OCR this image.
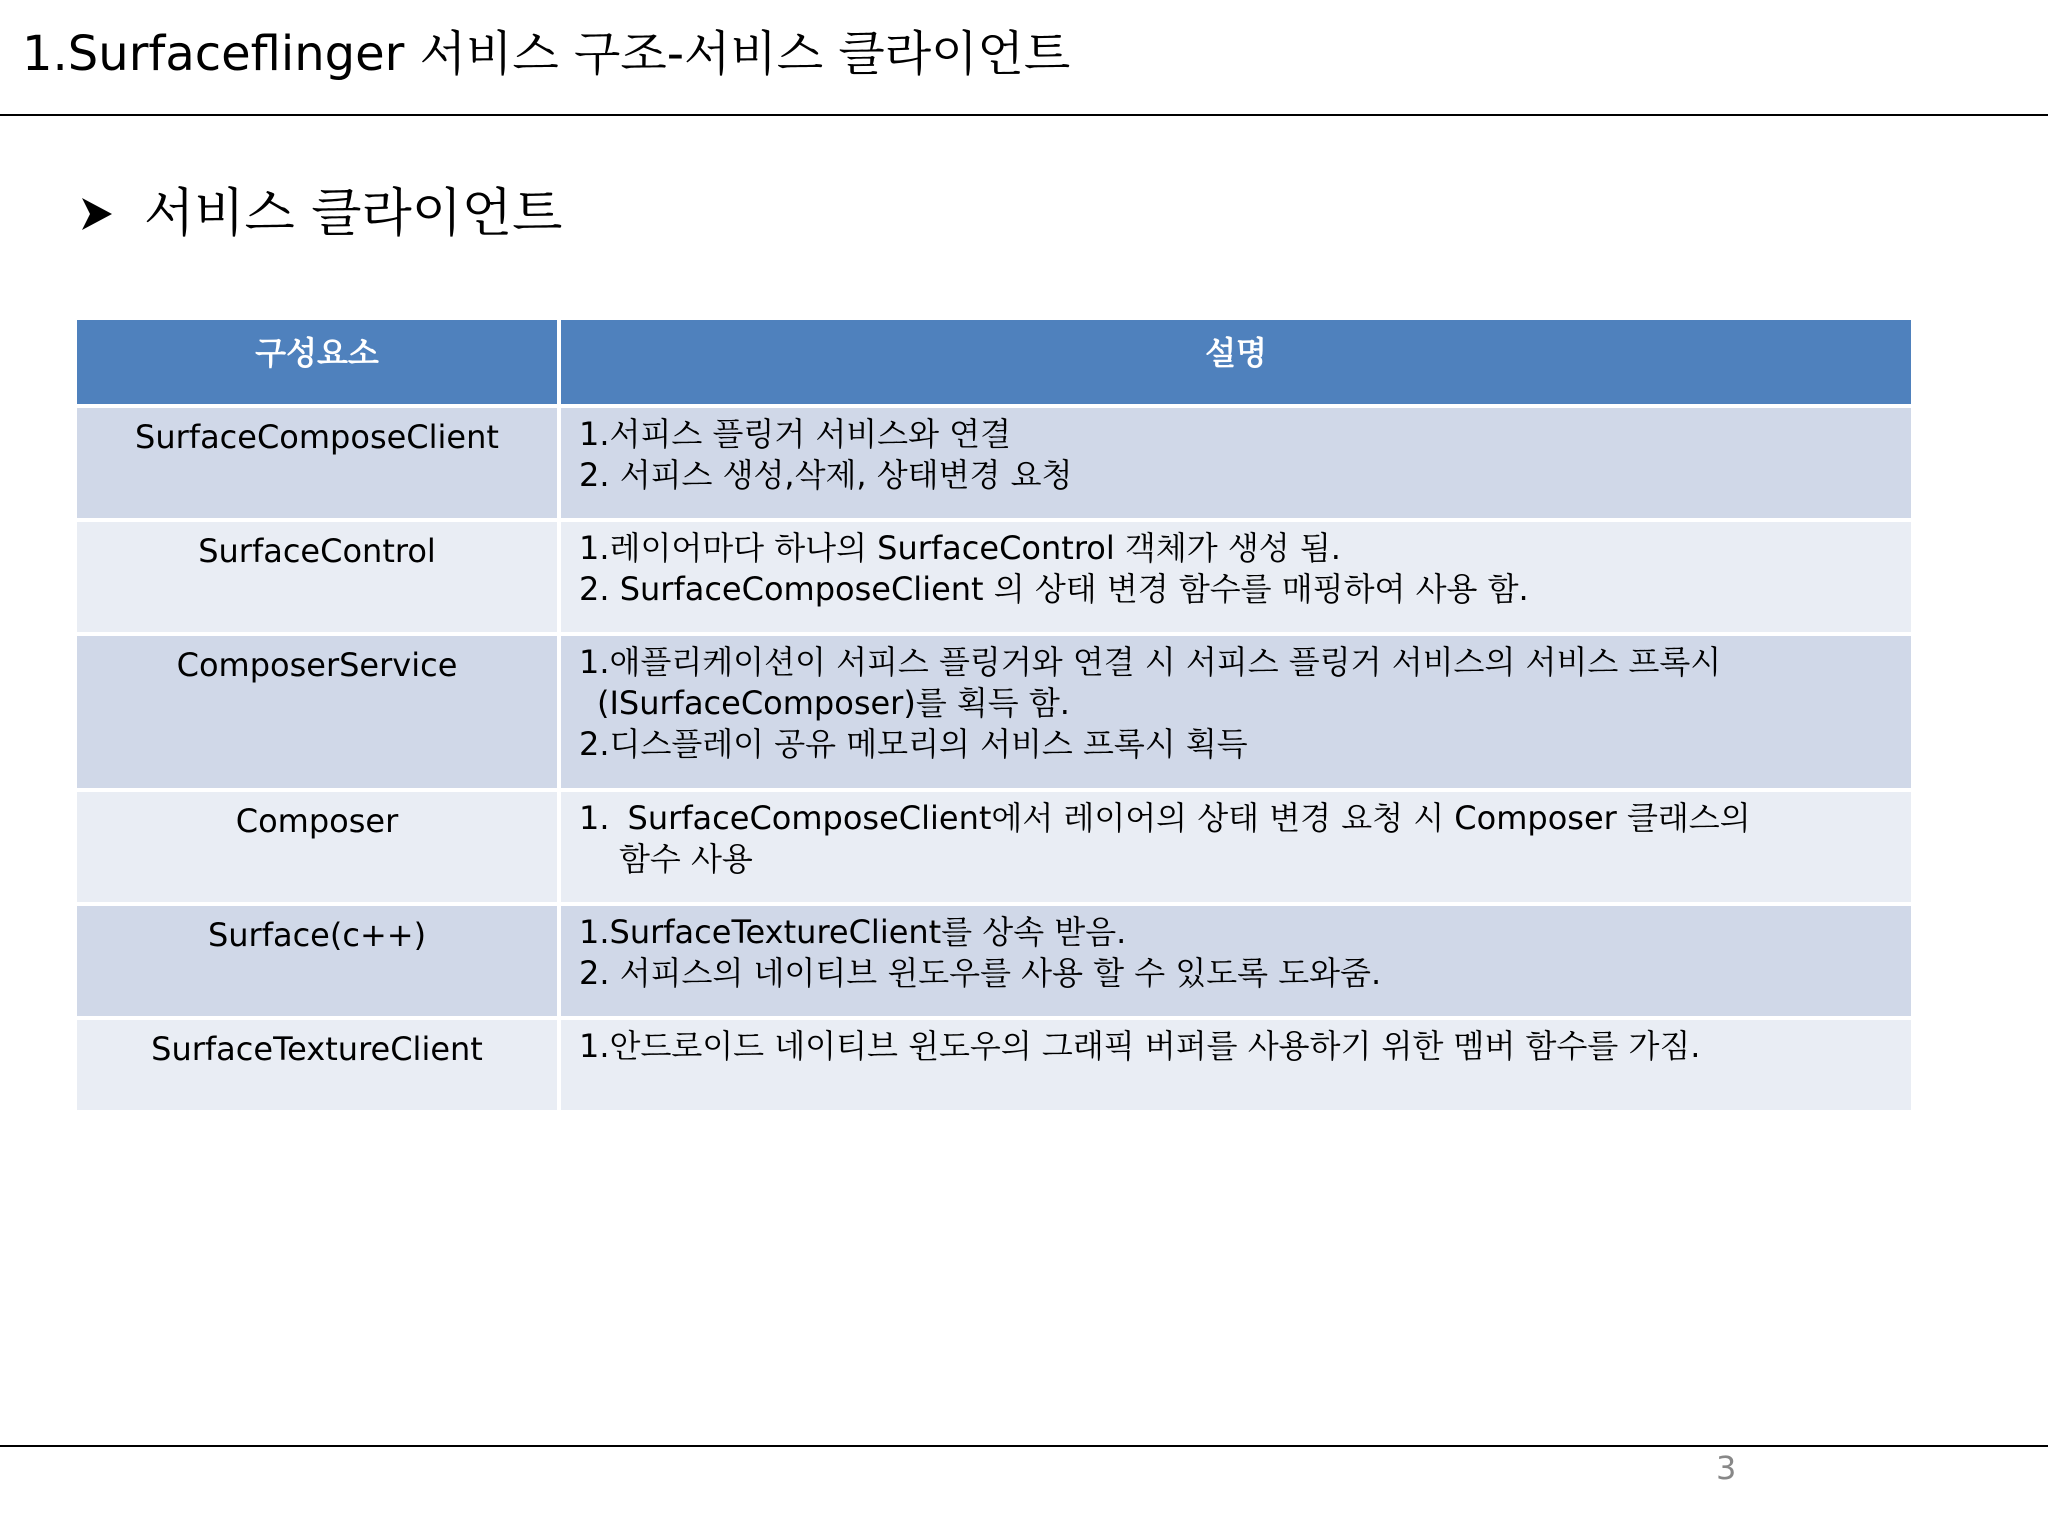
1.Surfaceflinger 서비스 구조-서비스 클라이언트
서비스 클라이언트
구성요소	설명
SurfaceComposeClient	1.서피스 플링거 서비스와 연결
2. 서피스 생성,삭제, 상태변경 요청

SurfaceControl	1.레이어마다 하나의 SurfaceControl 객체가 생성 됨.
2. SurfaceComposeClient 의 상태 변경 함수를 매핑하여 사용 함.

ComposerService	1.애플리케이션이 서피스 플링거와 연결 시 서피스 플링거 서비스의 서비스 프록시
(ISurfaceComposer)를 획득 함.
2.디스플레이 공유 메모리의 서비스 프록시 획득

Composer	1. SurfaceComposeClient에서 레이어의 상태 변경 요청 시 Composer 클래스의
함수 사용

Surface(c++)	1.SurfaceTextureClient를 상속 받음.
2. 서피스의 네이티브 윈도우를 사용 할 수 있도록 도와줌.

SurfaceTextureClient	1.안드로이드 네이티브 윈도우의 그래픽 버퍼를 사용하기 위한 멤버 함수를 가짐.
3
